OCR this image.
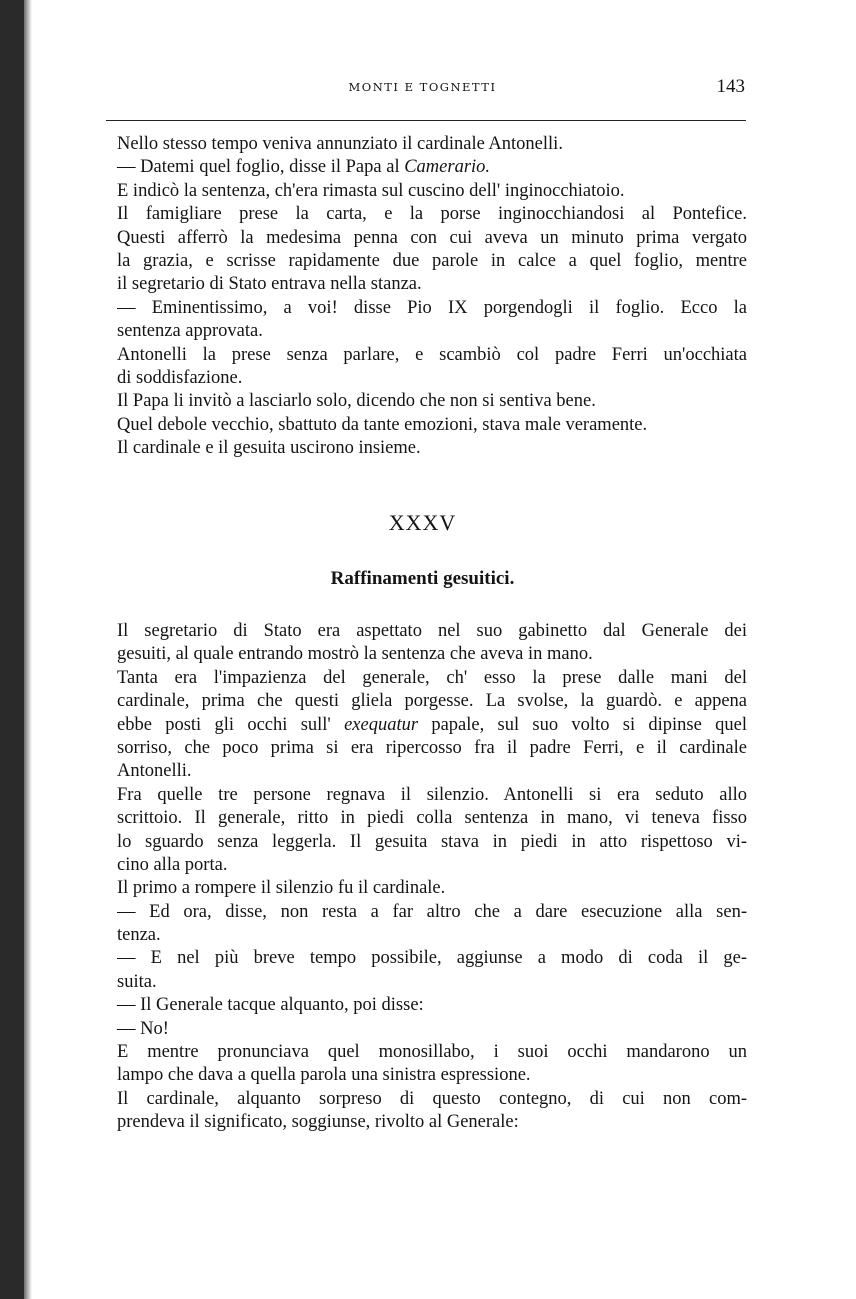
MONTI E TOGNETTI	143
Nello stesso tempo veniva annunziato il cardinale Antonelli.
— Datemi quel foglio, disse il Papa al Camerario.
E indicò la sentenza, ch'era rimasta sul cuscino dell' inginocchiatoio.
Il famigliare prese la carta, e la porse inginocchiandosi al Pontefice.
Questi afferrò la medesima penna con cui aveva un minuto prima vergato
la grazia, e scrisse rapidamente due parole in calce a quel foglio, mentre
il segretario di Stato entrava nella stanza.
— Eminentissimo, a voi! disse Pio IX porgendogli il foglio. Ecco la
sentenza approvata.
Antonelli la prese senza parlare, e scambiò col padre Ferri un'occhiata
di soddisfazione.
Il Papa li invitò a lasciarlo solo, dicendo che non si sentiva bene.
Quel debole vecchio, sbattuto da tante emozioni, stava male veramente.
Il cardinale e il gesuita uscirono insieme.
XXXV
Raffinamenti gesuitici.
Il segretario di Stato era aspettato nel suo gabinetto dal Generale dei
gesuiti, al quale entrando mostrò la sentenza che aveva in mano.
Tanta era l'impazienza del generale, ch' esso la prese dalle mani del
cardinale, prima che questi gliela porgesse. La svolse, la guardò. e appena
ebbe posti gli occhi sull' exequatur papale, sul suo volto si dipinse quel
sorriso, che poco prima si era ripercosso fra il padre Ferri, e il cardinale
Antonelli.
Fra quelle tre persone regnava il silenzio. Antonelli si era seduto allo
scrittoio. Il generale, ritto in piedi colla sentenza in mano, vi teneva fisso
lo sguardo senza leggerla. Il gesuita stava in piedi in atto rispettoso vi-
cino alla porta.
Il primo a rompere il silenzio fu il cardinale.
— Ed ora, disse, non resta a far altro che a dare esecuzione alla sen-
tenza.
— E nel più breve tempo possibile, aggiunse a modo di coda il ge-
suita.
— Il Generale tacque alquanto, poi disse:
— No!
E mentre pronunciava quel monosillabo, i suoi occhi mandarono un
lampo che dava a quella parola una sinistra espressione.
Il cardinale, alquanto sorpreso di questo contegno, di cui non com-
prendeva il significato, soggiunse, rivolto al Generale:
